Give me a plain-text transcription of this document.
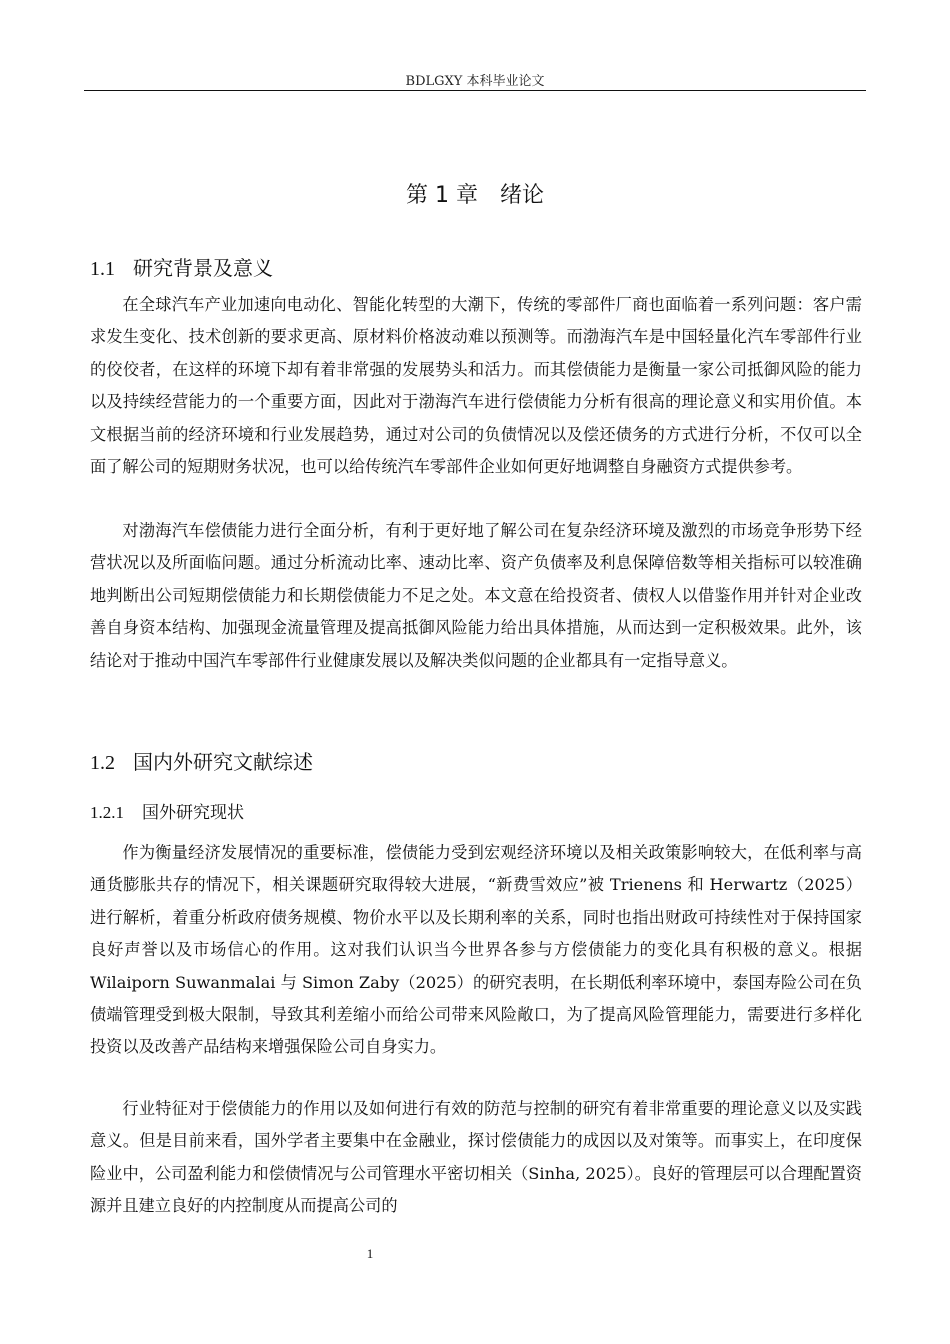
BDLGXY 本科毕业论文
第 1 章　绪论
1.1 研究背景及意义

在全球汽车产业加速向电动化、智能化转型的大潮下，传统的零部件厂商也面临着一系列问题：客户需求发生变化、技术创新的要求更高、原材料价格波动难以预测等。而渤海汽车是中国轻量化汽车零部件行业的佼佼者，在这样的环境下却有着非常强的发展势头和活力。而其偿债能力是衡量一家公司抵御风险的能力以及持续经营能力的一个重要方面，因此对于渤海汽车进行偿债能力分析有很高的理论意义和实用价值。本文根据当前的经济环境和行业发展趋势，通过对公司的负债情况以及偿还债务的方式进行分析，不仅可以全面了解公司的短期财务状况，也可以给传统汽车零部件企业如何更好地调整自身融资方式提供参考。

对渤海汽车偿债能力进行全面分析，有利于更好地了解公司在复杂经济环境及激烈的市场竞争形势下经营状况以及所面临问题。通过分析流动比率、速动比率、资产负债率及利息保障倍数等相关指标可以较准确地判断出公司短期偿债能力和长期偿债能力不足之处。本文意在给投资者、债权人以借鉴作用并针对企业改善自身资本结构、加强现金流量管理及提高抵御风险能力给出具体措施，从而达到一定积极效果。此外，该结论对于推动中国汽车零部件行业健康发展以及解决类似问题的企业都具有一定指导意义。

1.2 国内外研究文献综述
1.2.1 国外研究现状

作为衡量经济发展情况的重要标准，偿债能力受到宏观经济环境以及相关政策影响较大，在低利率与高通货膨胀共存的情况下，相关课题研究取得较大进展，“新费雪效应”被 Trienens 和 Herwartz（2025）进行解析，着重分析政府债务规模、物价水平以及长期利率的关系，同时也指出财政可持续性对于保持国家良好声誉以及市场信心的作用。这对我们认识当今世界各参与方偿债能力的变化具有积极的意义。根据 Wilaiporn Suwanmalai 与 Simon Zaby（2025）的研究表明，在长期低利率环境中，泰国寿险公司在负债端管理受到极大限制，导致其利差缩小而给公司带来风险敞口，为了提高风险管理能力，需要进行多样化投资以及改善产品结构来增强保险公司自身实力。

行业特征对于偿债能力的作用以及如何进行有效的防范与控制的研究有着非常重要的理论意义以及实践意义。但是目前来看，国外学者主要集中在金融业，探讨偿债能力的成因以及对策等。而事实上，在印度保险业中，公司盈利能力和偿债情况与公司管理水平密切相关（Sinha, 2025）。良好的管理层可以合理配置资源并且建立良好的内控制度从而提高公司的

1
